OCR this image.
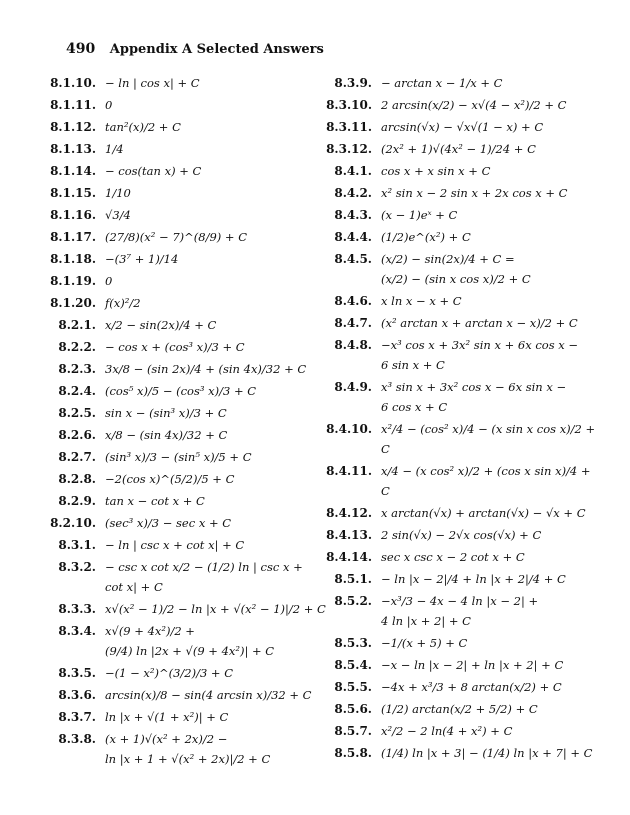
490 Appendix A Selected Answers
8.1.10. − ln | cos x| + C
8.1.11. 0
8.1.12. tan²(x)/2 + C
8.1.13. 1/4
8.1.14. − cos(tan x) + C
8.1.15. 1/10
8.1.16. √3/4
8.1.17. (27/8)(x² − 7)^(8/9) + C
8.1.18. −(3⁷ + 1)/14
8.1.19. 0
8.1.20. f(x)²/2
8.2.1. x/2 − sin(2x)/4 + C
8.2.2. − cos x + (cos³ x)/3 + C
8.2.3. 3x/8 − (sin 2x)/4 + (sin 4x)/32 + C
8.2.4. (cos⁵ x)/5 − (cos³ x)/3 + C
8.2.5. sin x − (sin³ x)/3 + C
8.2.6. x/8 − (sin 4x)/32 + C
8.2.7. (sin³ x)/3 − (sin⁵ x)/5 + C
8.2.8. −2(cos x)^(5/2)/5 + C
8.2.9. tan x − cot x + C
8.2.10. (sec³ x)/3 − sec x + C
8.3.1. − ln | csc x + cot x| + C
8.3.2. − csc x cot x/2 − (1/2) ln | csc x +
cot x| + C
8.3.3. x√(x² − 1)/2 − ln |x + √(x² − 1)|/2 + C
8.3.4. x√(9 + 4x²)/2 +
(9/4) ln |2x + √(9 + 4x²)| + C
8.3.5. −(1 − x²)^(3/2)/3 + C
8.3.6. arcsin(x)/8 − sin(4 arcsin x)/32 + C
8.3.7. ln |x + √(1 + x²)| + C
8.3.8. (x + 1)√(x² + 2x)/2 −
ln |x + 1 + √(x² + 2x)|/2 + C
8.3.9. − arctan x − 1/x + C
8.3.10. 2 arcsin(x/2) − x√(4 − x²)/2 + C
8.3.11. arcsin(√x) − √x√(1 − x) + C
8.3.12. (2x² + 1)√(4x² − 1)/24 + C
8.4.1. cos x + x sin x + C
8.4.2. x² sin x − 2 sin x + 2x cos x + C
8.4.3. (x − 1)eˣ + C
8.4.4. (1/2)e^(x²) + C
8.4.5. (x/2) − sin(2x)/4 + C =
(x/2) − (sin x cos x)/2 + C
8.4.6. x ln x − x + C
8.4.7. (x² arctan x + arctan x − x)/2 + C
8.4.8. −x³ cos x + 3x² sin x + 6x cos x −
6 sin x + C
8.4.9. x³ sin x + 3x² cos x − 6x sin x −
6 cos x + C
8.4.10. x²/4 − (cos² x)/4 − (x sin x cos x)/2 +
C
8.4.11. x/4 − (x cos² x)/2 + (cos x sin x)/4 +
C
8.4.12. x arctan(√x) + arctan(√x) − √x + C
8.4.13. 2 sin(√x) − 2√x cos(√x) + C
8.4.14. sec x csc x − 2 cot x + C
8.5.1. − ln |x − 2|/4 + ln |x + 2|/4 + C
8.5.2. −x³/3 − 4x − 4 ln |x − 2| +
4 ln |x + 2| + C
8.5.3. −1/(x + 5) + C
8.5.4. −x − ln |x − 2| + ln |x + 2| + C
8.5.5. −4x + x³/3 + 8 arctan(x/2) + C
8.5.6. (1/2) arctan(x/2 + 5/2) + C
8.5.7. x²/2 − 2 ln(4 + x²) + C
8.5.8. (1/4) ln |x + 3| − (1/4) ln |x + 7| + C
